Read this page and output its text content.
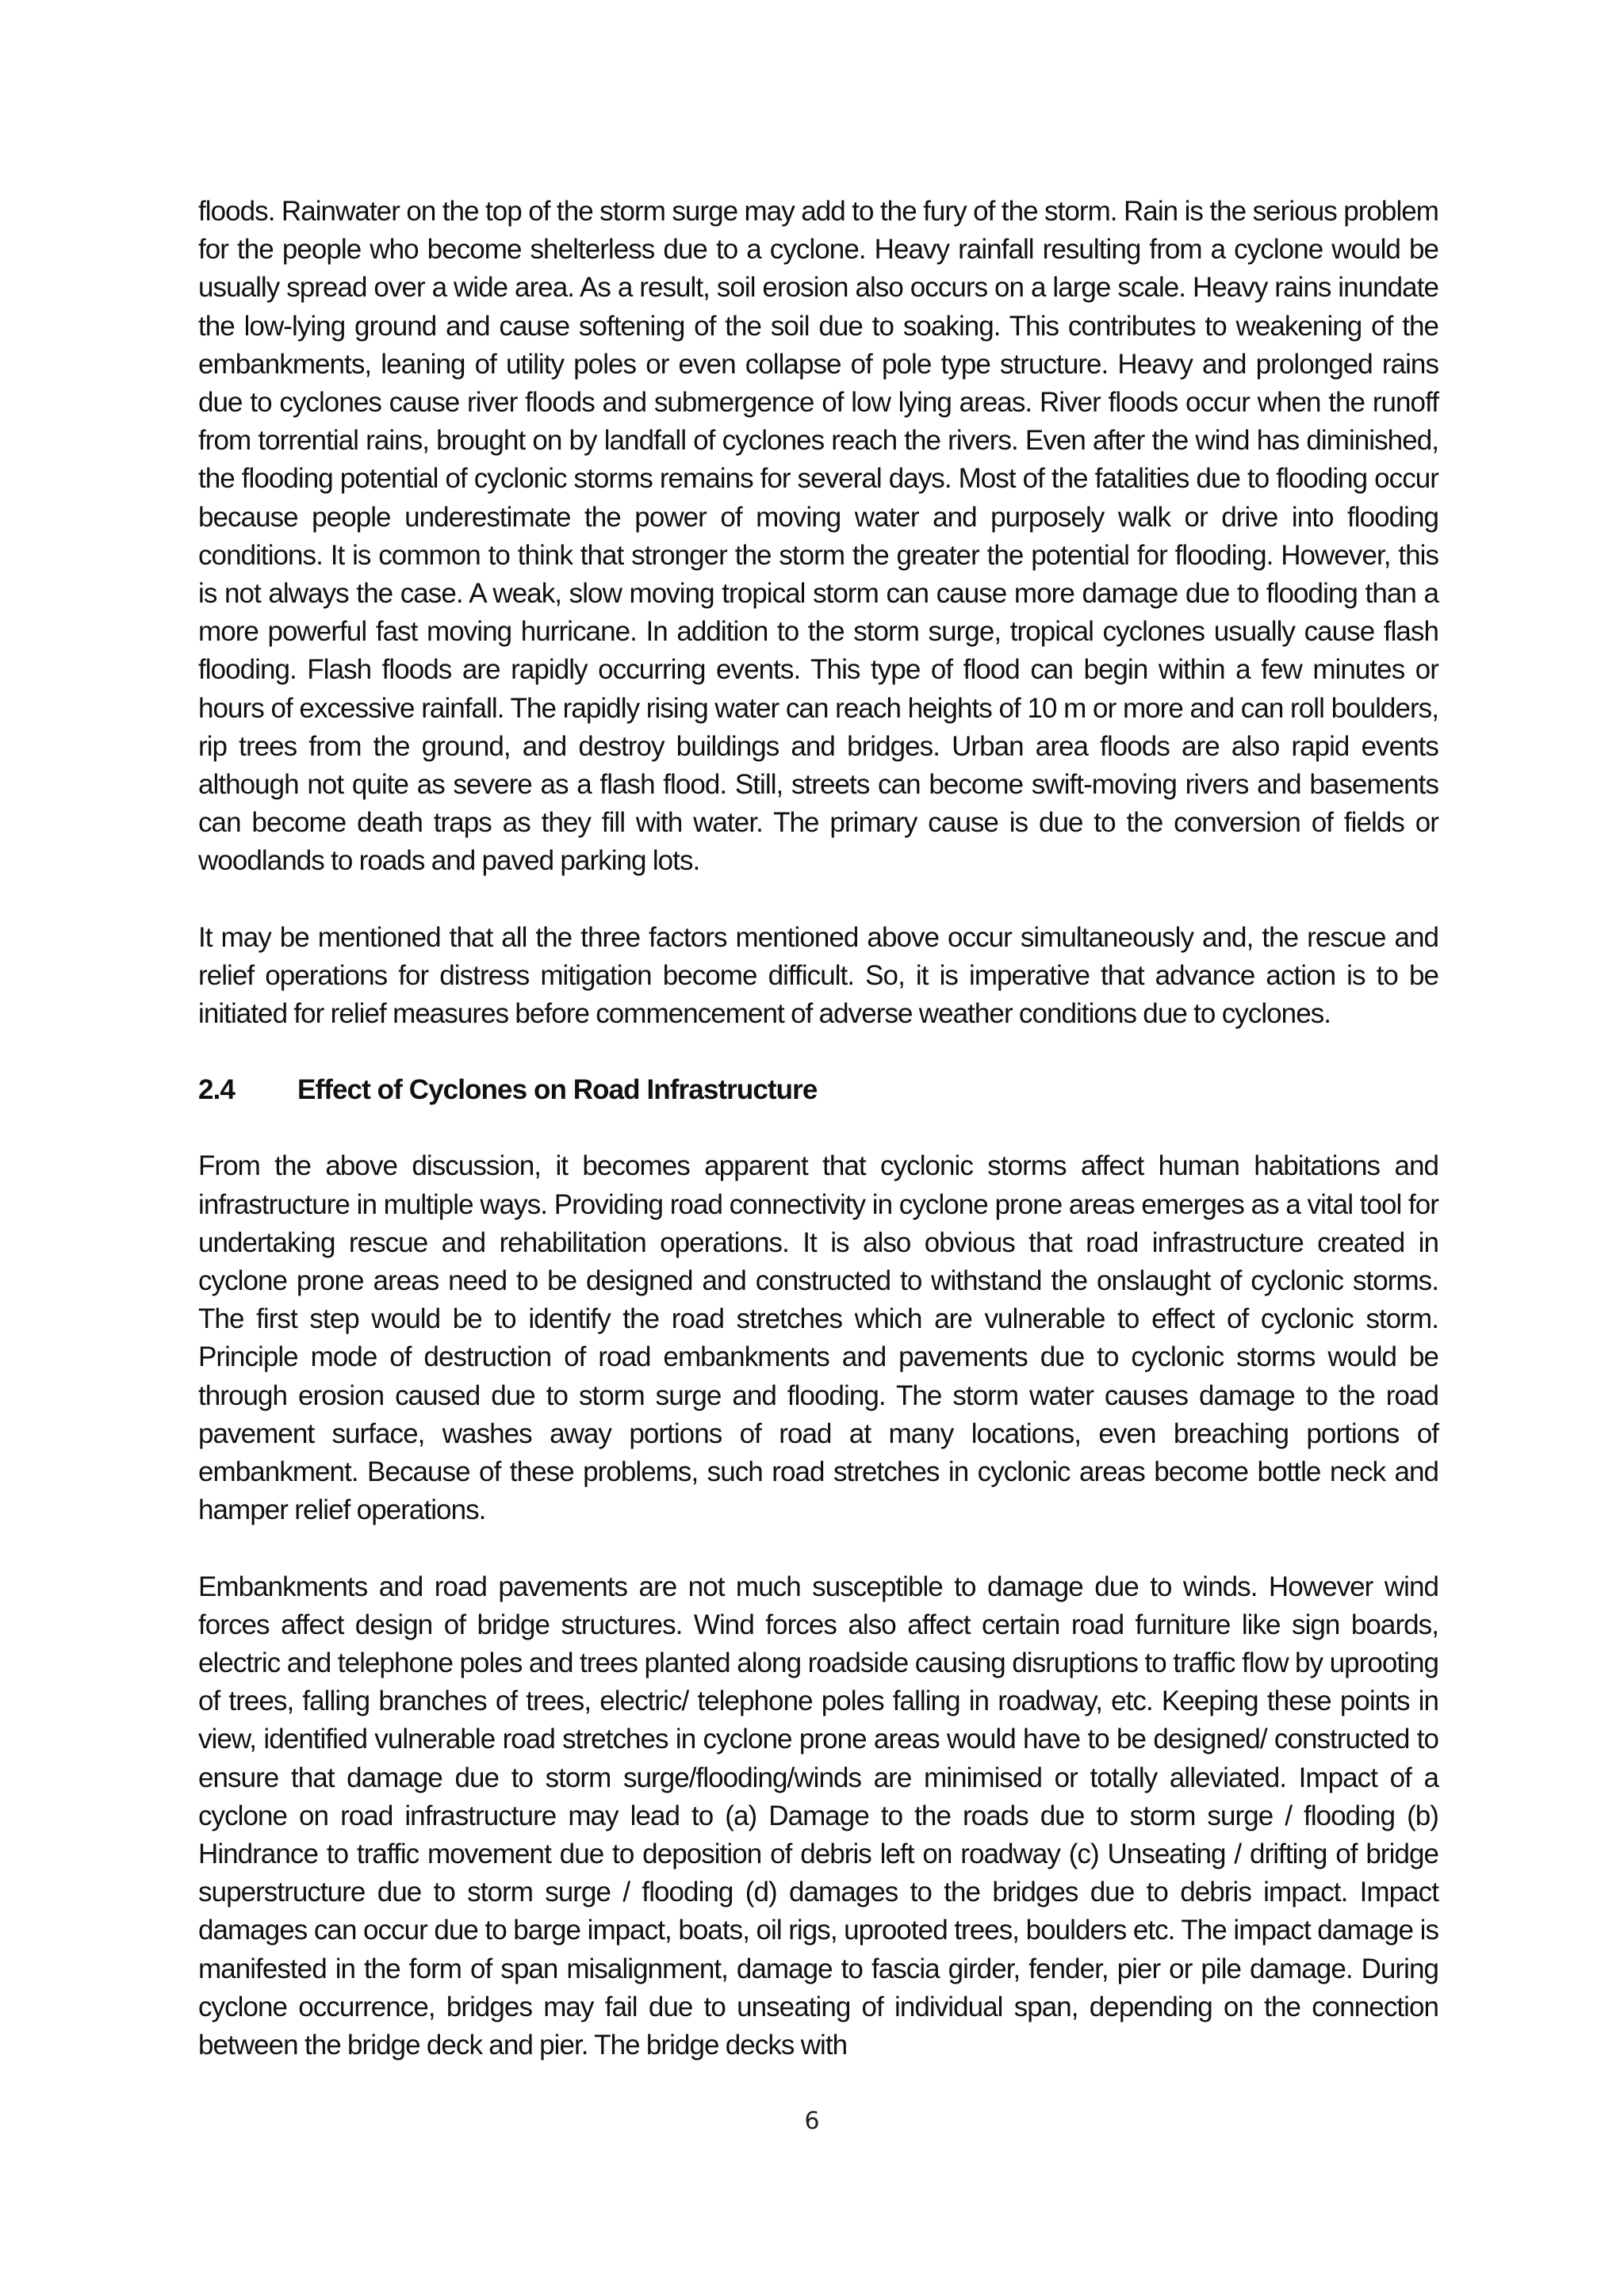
floods. Rainwater on the top of the storm surge may add to the fury of the storm. Rain is the serious problem for the people who become shelterless due to a cyclone. Heavy rainfall resulting from a cyclone would be usually spread over a wide area. As a result, soil erosion also occurs on a large scale. Heavy rains inundate the low-lying ground and cause softening of the soil due to soaking. This contributes to weakening of the embankments, leaning of utility poles or even collapse of pole type structure. Heavy and prolonged rains due to cyclones cause river floods and submergence of low lying areas. River floods occur when the runoff from torrential rains, brought on by landfall of cyclones reach the rivers. Even after the wind has diminished, the flooding potential of cyclonic storms remains for several days. Most of the fatalities due to flooding occur because people underestimate the power of moving water and purposely walk or drive into flooding conditions. It is common to think that stronger the storm the greater the potential for flooding. However, this is not always the case. A weak, slow moving tropical storm can cause more damage due to flooding than a more powerful fast moving hurricane. In addition to the storm surge, tropical cyclones usually cause flash flooding. Flash floods are rapidly occurring events. This type of flood can begin within a few minutes or hours of excessive rainfall. The rapidly rising water can reach heights of 10 m or more and can roll boulders, rip trees from the ground, and destroy buildings and bridges. Urban area floods are also rapid events although not quite as severe as a flash flood. Still, streets can become swift-moving rivers and basements can become death traps as they fill with water. The primary cause is due to the conversion of fields or woodlands to roads and paved parking lots.

It may be mentioned that all the three factors mentioned above occur simultaneously and, the rescue and relief operations for distress mitigation become difficult. So, it is imperative that advance action is to be initiated for relief measures before commencement of adverse weather conditions due to cyclones.

2.4	Effect of Cyclones on Road Infrastructure

From the above discussion, it becomes apparent that cyclonic storms affect human habitations and infrastructure in multiple ways. Providing road connectivity in cyclone prone areas emerges as a vital tool for undertaking rescue and rehabilitation operations. It is also obvious that road infrastructure created in cyclone prone areas need to be designed and constructed to withstand the onslaught of cyclonic storms. The first step would be to identify the road stretches which are vulnerable to effect of cyclonic storm. Principle mode of destruction of road embankments and pavements due to cyclonic storms would be through erosion caused due to storm surge and flooding. The storm water causes damage to the road pavement surface, washes away portions of road at many locations, even breaching portions of embankment. Because of these problems, such road stretches in cyclonic areas become bottle neck and hamper relief operations.

Embankments and road pavements are not much susceptible to damage due to winds. However wind forces affect design of bridge structures. Wind forces also affect certain road furniture like sign boards, electric and telephone poles and trees planted along roadside causing disruptions to traffic flow by uprooting of trees, falling branches of trees, electric/ telephone poles falling in roadway, etc. Keeping these points in view, identified vulnerable road stretches in cyclone prone areas would have to be designed/ constructed to ensure that damage due to storm surge/flooding/winds are minimised or totally alleviated. Impact of a cyclone on road infrastructure may lead to (a) Damage to the roads due to storm surge / flooding (b) Hindrance to traffic movement due to deposition of debris left on roadway (c) Unseating / drifting of bridge superstructure due to storm surge / flooding (d) damages to the bridges due to debris impact. Impact damages can occur due to barge impact, boats, oil rigs, uprooted trees, boulders etc. The impact damage is manifested in the form of span misalignment, damage to fascia girder, fender, pier or pile damage. During cyclone occurrence, bridges may fail due to unseating of individual span, depending on the connection between the bridge deck and pier. The bridge decks with

6
